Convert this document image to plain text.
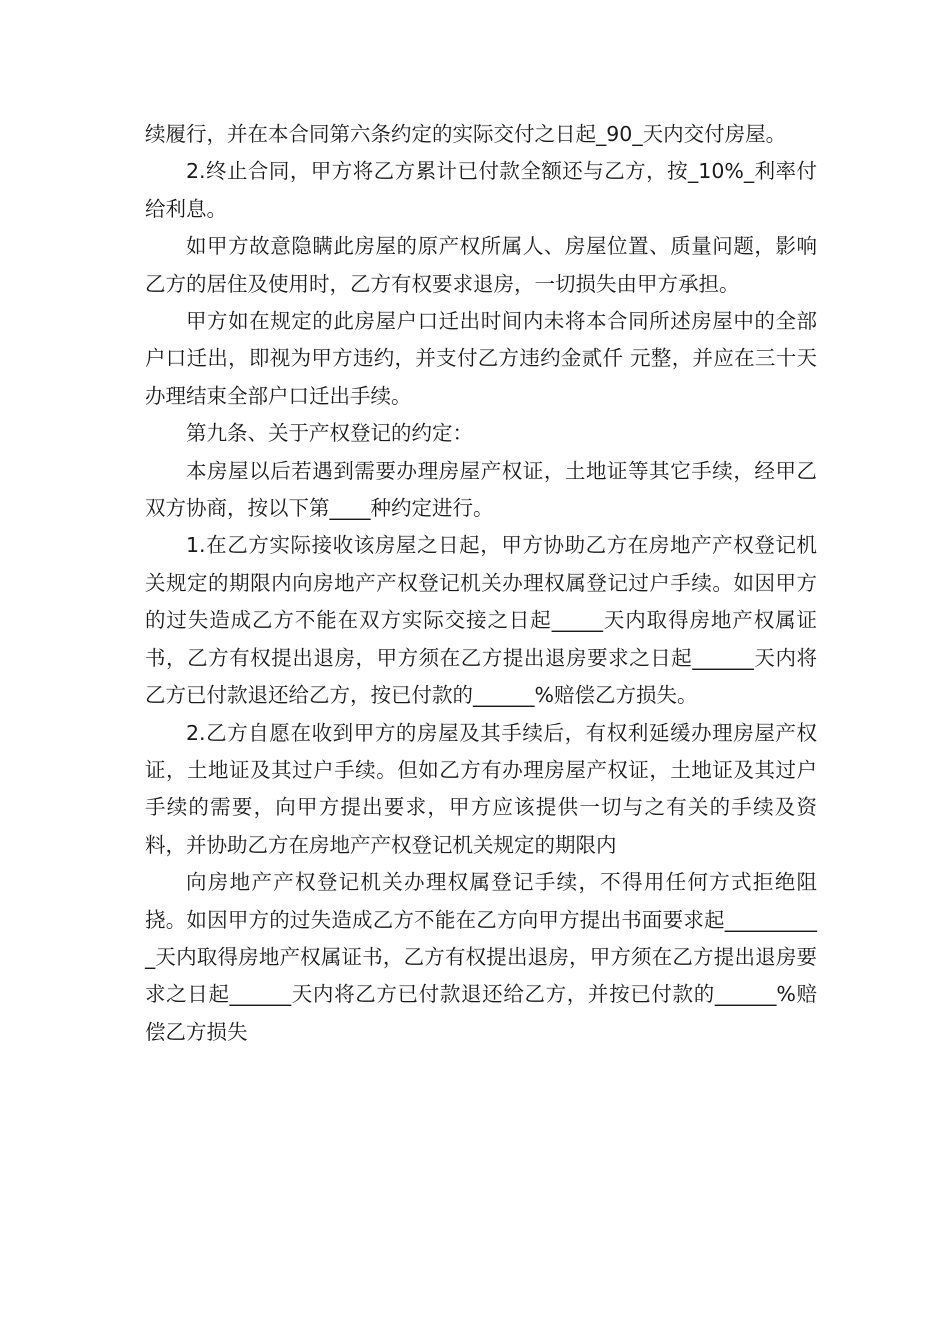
续履行，并在本合同第六条约定的实际交付之日起_90_天内交付房屋。

2.终止合同，甲方将乙方累计已付款全额还与乙方，按_10%_利率付给利息。

如甲方故意隐瞒此房屋的原产权所属人、房屋位置、质量问题，影响乙方的居住及使用时，乙方有权要求退房，一切损失由甲方承担。

甲方如在规定的此房屋户口迁出时间内未将本合同所述房屋中的全部户口迁出，即视为甲方违约，并支付乙方违约金贰仟 元整，并应在三十天办理结束全部户口迁出手续。

第九条、关于产权登记的约定：

本房屋以后若遇到需要办理房屋产权证，土地证等其它手续，经甲乙双方协商，按以下第____种约定进行。

1.在乙方实际接收该房屋之日起，甲方协助乙方在房地产产权登记机关规定的期限内向房地产产权登记机关办理权属登记过户手续。如因甲方的过失造成乙方不能在双方实际交接之日起_____天内取得房地产权属证书，乙方有权提出退房，甲方须在乙方提出退房要求之日起______天内将乙方已付款退还给乙方，按已付款的______%赔偿乙方损失。

2.乙方自愿在收到甲方的房屋及其手续后，有权利延缓办理房屋产权证，土地证及其过户手续。但如乙方有办理房屋产权证，土地证及其过户手续的需要，向甲方提出要求，甲方应该提供一切与之有关的手续及资料，并协助乙方在房地产产权登记机关规定的期限内

向房地产产权登记机关办理权属登记手续，不得用任何方式拒绝阻挠。如因甲方的过失造成乙方不能在乙方向甲方提出书面要求起__________天内取得房地产权属证书，乙方有权提出退房，甲方须在乙方提出退房要求之日起______天内将乙方已付款退还给乙方，并按已付款的______%赔偿乙方损失
